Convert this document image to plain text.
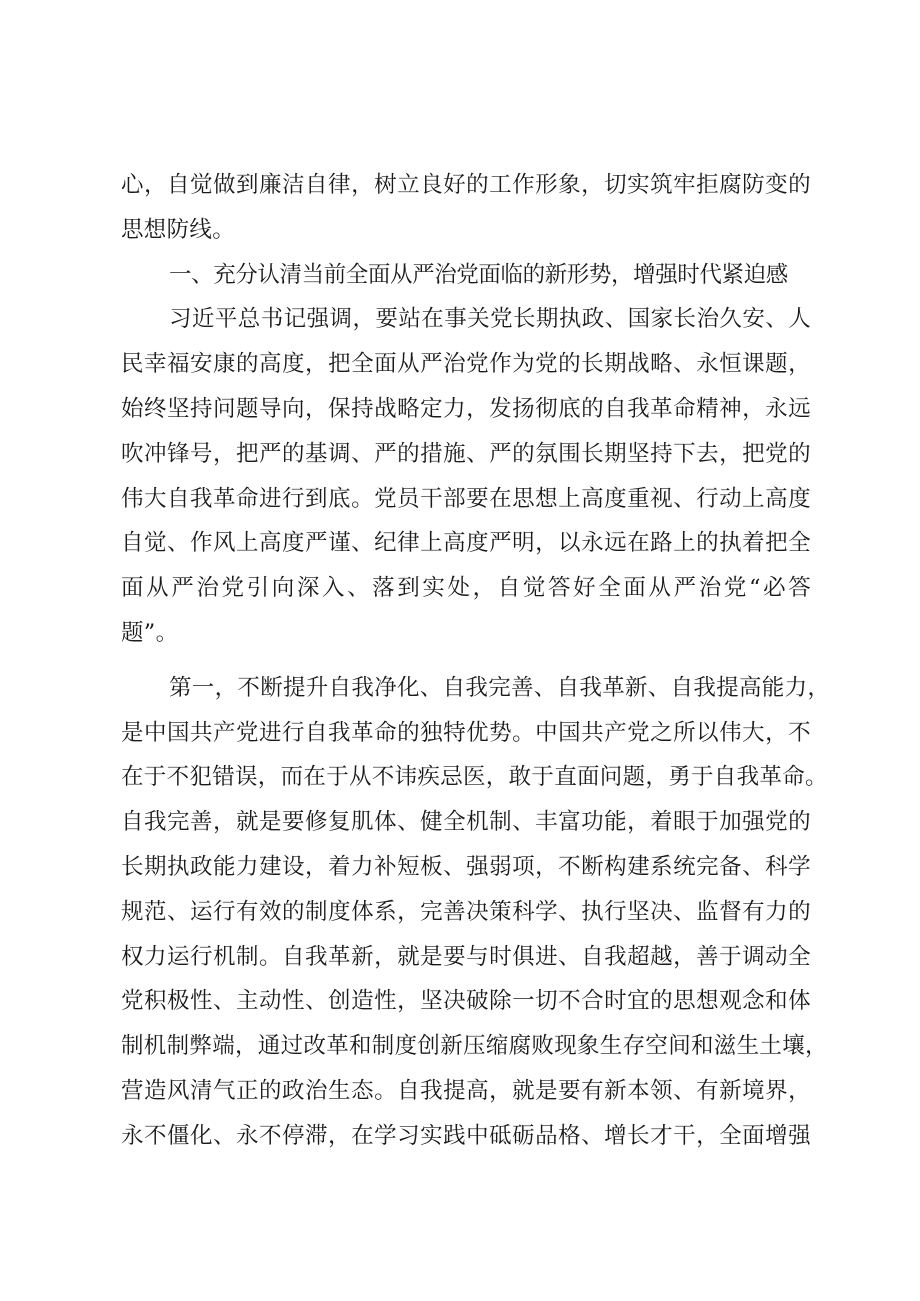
心，自觉做到廉洁自律，树立良好的工作形象，切实筑牢拒腐防变的
思想防线。
一、充分认清当前全面从严治党面临的新形势，增强时代紧迫感
习近平总书记强调，要站在事关党长期执政、国家长治久安、人
民幸福安康的高度，把全面从严治党作为党的长期战略、永恒课题，
始终坚持问题导向，保持战略定力，发扬彻底的自我革命精神，永远
吹冲锋号，把严的基调、严的措施、严的氛围长期坚持下去，把党的
伟大自我革命进行到底。党员干部要在思想上高度重视、行动上高度
自觉、作风上高度严谨、纪律上高度严明，以永远在路上的执着把全
面从严治党引向深入、落到实处，自觉答好全面从严治党“必答
题”。
第一，不断提升自我净化、自我完善、自我革新、自我提高能力，
是中国共产党进行自我革命的独特优势。中国共产党之所以伟大，不
在于不犯错误，而在于从不讳疾忌医，敢于直面问题，勇于自我革命。
自我完善，就是要修复肌体、健全机制、丰富功能，着眼于加强党的
长期执政能力建设，着力补短板、强弱项，不断构建系统完备、科学
规范、运行有效的制度体系，完善决策科学、执行坚决、监督有力的
权力运行机制。自我革新，就是要与时俱进、自我超越，善于调动全
党积极性、主动性、创造性，坚决破除一切不合时宜的思想观念和体
制机制弊端，通过改革和制度创新压缩腐败现象生存空间和滋生土壤，
营造风清气正的政治生态。自我提高，就是要有新本领、有新境界，
永不僵化、永不停滞，在学习实践中砥砺品格、增长才干，全面增强
